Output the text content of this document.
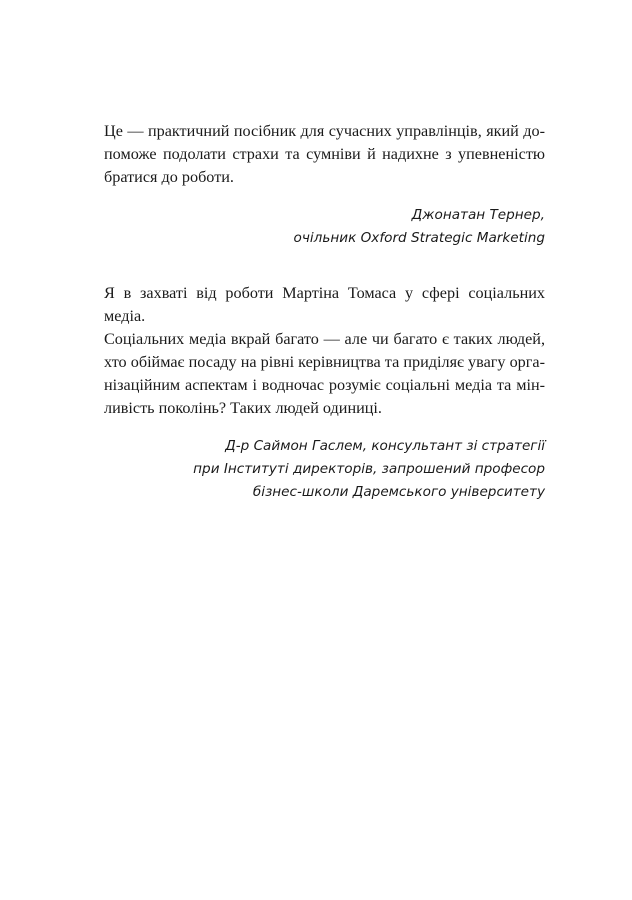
Це — практичний посібник для сучасних управлінців, який до-
поможе подолати страхи та сумніви й надихне з упевненістю
братися до роботи.

Джонатан Тернер,
очільник Oxford Strategic Marketing

Я в захваті від роботи Мартіна Томаса у сфері соціальних медіа.
Соціальних медіа вкрай багато — але чи багато є таких людей,
хто обіймає посаду на рівні керівництва та приділяє увагу орга-
нізаційним аспектам і водночас розуміє соціальні медіа та мін-
ливість поколінь? Таких людей одиниці.

Д-р Саймон Гаслем, консультант зі стратегії
при Інституті директорів, запрошений професор
бізнес-школи Даремського університету
